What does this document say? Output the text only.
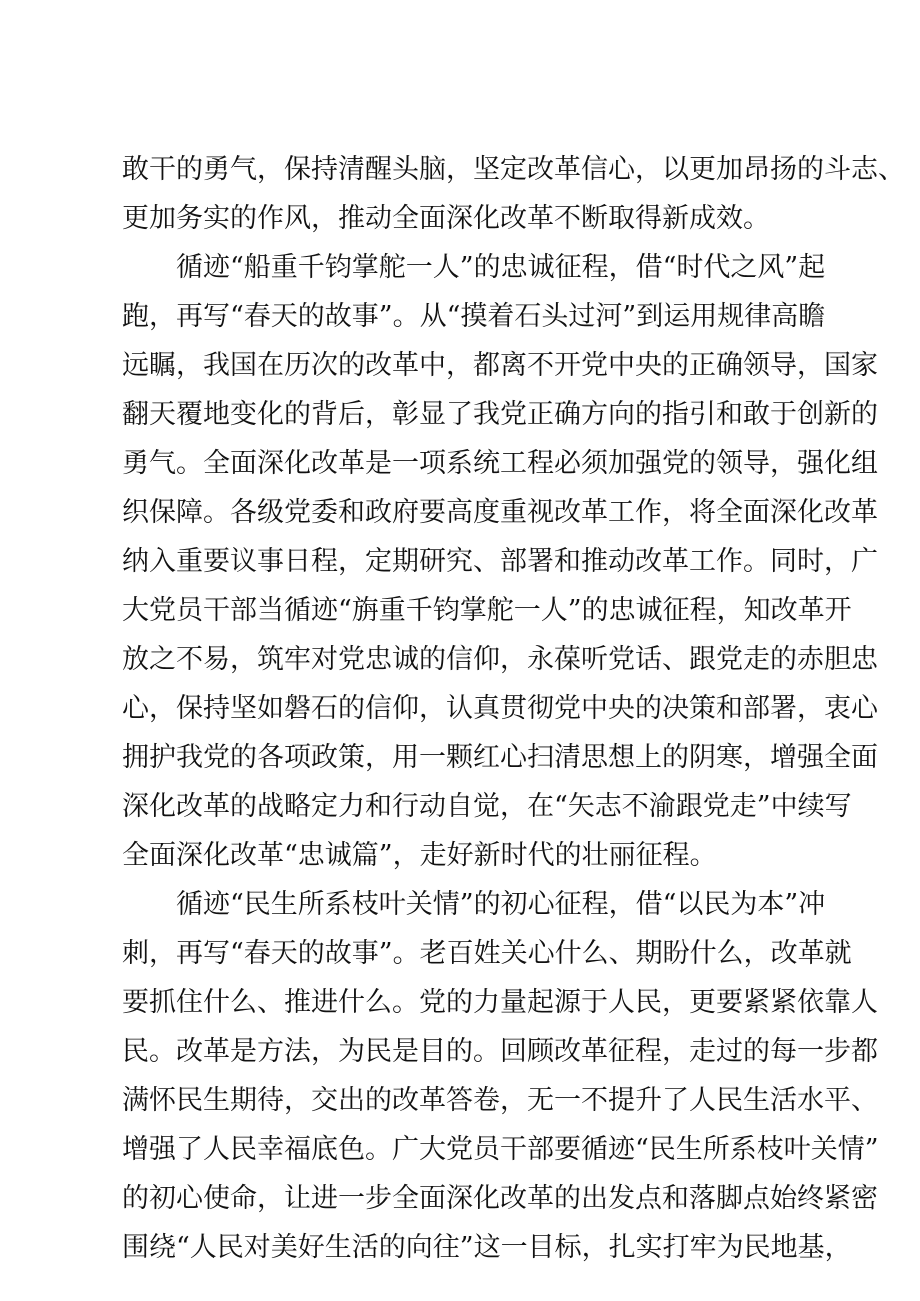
敢干的勇气，保持清醒头脑，坚定改革信心，以更加昂扬的斗志、
更加务实的作风，推动全面深化改革不断取得新成效。
循迹“船重千钧掌舵一人”的忠诚征程，借“时代之风”起
跑，再写“春天的故事”。从“摸着石头过河”到运用规律高瞻
远瞩，我国在历次的改革中，都离不开党中央的正确领导，国家
翻天覆地变化的背后，彰显了我党正确方向的指引和敢于创新的
勇气。全面深化改革是一项系统工程必须加强党的领导，强化组
织保障。各级党委和政府要高度重视改革工作，将全面深化改革
纳入重要议事日程，定期研究、部署和推动改革工作。同时，广
大党员干部当循迹“旃重千钧掌舵一人”的忠诚征程，知改革开
放之不易，筑牢对党忠诚的信仰，永葆听党话、跟党走的赤胆忠
心，保持坚如磐石的信仰，认真贯彻党中央的决策和部署，衷心
拥护我党的各项政策，用一颗红心扫清思想上的阴寒，增强全面
深化改革的战略定力和行动自觉，在“矢志不渝跟党走”中续写
全面深化改革“忠诚篇”，走好新时代的壮丽征程。
循迹“民生所系枝叶关情”的初心征程，借“以民为本”冲
刺，再写“春天的故事”。老百姓关心什么、期盼什么，改革就
要抓住什么、推进什么。党的力量起源于人民，更要紧紧依靠人
民。改革是方法，为民是目的。回顾改革征程，走过的每一步都
满怀民生期待，交出的改革答卷，无一不提升了人民生活水平、
增强了人民幸福底色。广大党员干部要循迹“民生所系枝叶关情”
的初心使命，让进一步全面深化改革的出发点和落脚点始终紧密
围绕“人民对美好生活的向往”这一目标，扎实打牢为民地基，
